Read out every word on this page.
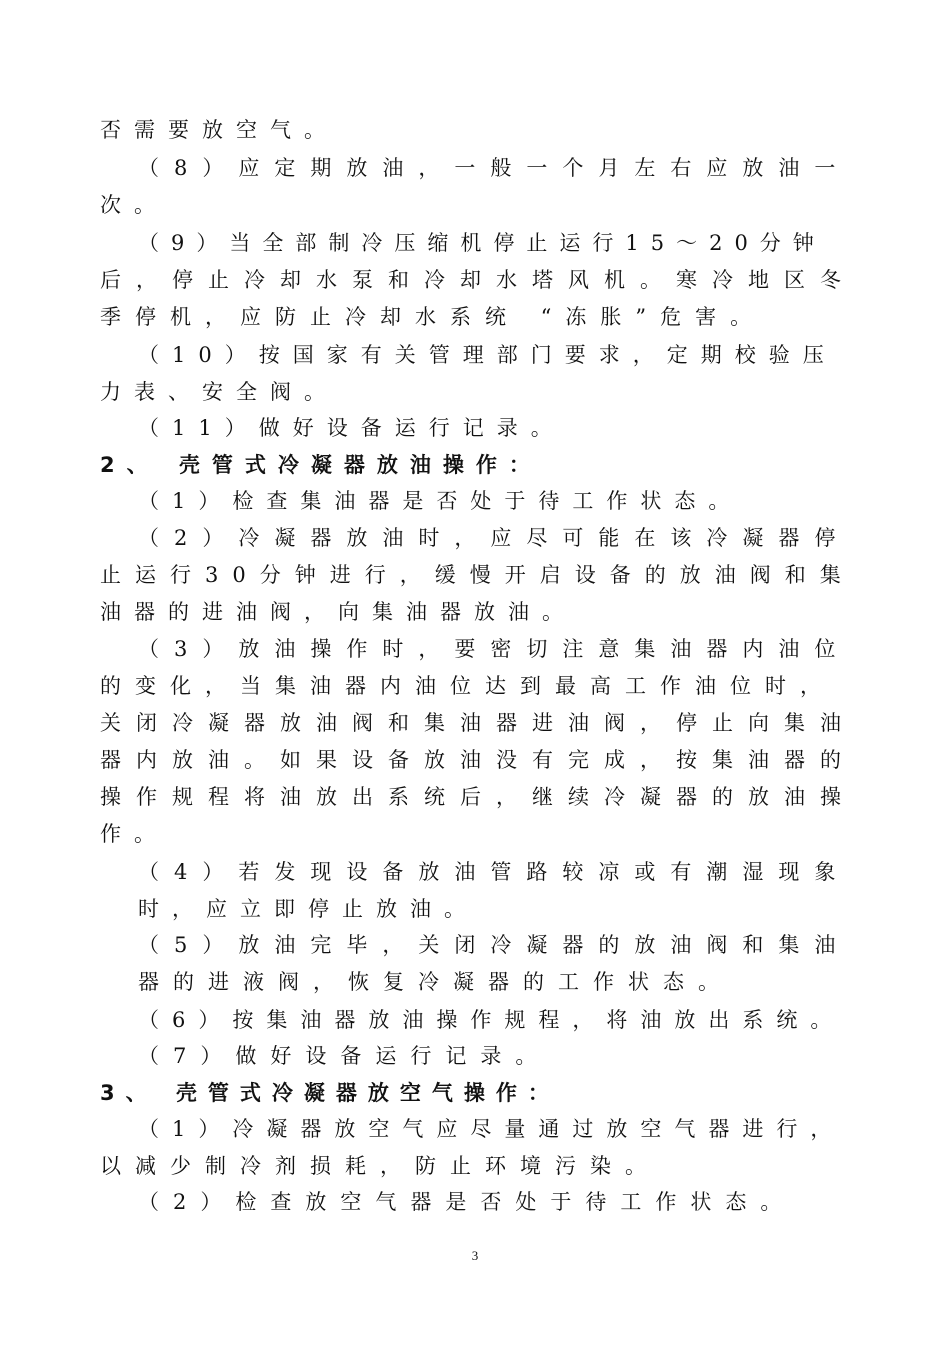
否需要放空气。
（8）应定期放油，一般一个月左右应放油一
次。
（9）当全部制冷压缩机停止运行15～20分钟
后，停止冷却水泵和冷却水塔风机。寒冷地区冬
季停机，应防止冷却水系统 “冻胀”危害。
（10）按国家有关管理部门要求，定期校验压
力表、安全阀。
（11）做好设备运行记录。
2、 壳管式冷凝器放油操作：
（1）检查集油器是否处于待工作状态。
（2）冷凝器放油时，应尽可能在该冷凝器停
止运行30分钟进行，缓慢开启设备的放油阀和集
油器的进油阀，向集油器放油。
（3）放油操作时，要密切注意集油器内油位
的变化，当集油器内油位达到最高工作油位时，
关闭冷凝器放油阀和集油器进油阀，停止向集油
器内放油。如果设备放油没有完成，按集油器的
操作规程将油放出系统后，继续冷凝器的放油操
作。
（4）若发现设备放油管路较凉或有潮湿现象
时，应立即停止放油。
（5）放油完毕，关闭冷凝器的放油阀和集油
器的进液阀，恢复冷凝器的工作状态。
（6）按集油器放油操作规程，将油放出系统。
（7）做好设备运行记录。
3、 壳管式冷凝器放空气操作：
（1）冷凝器放空气应尽量通过放空气器进行，
以减少制冷剂损耗，防止环境污染。
（2）检查放空气器是否处于待工作状态。
3
